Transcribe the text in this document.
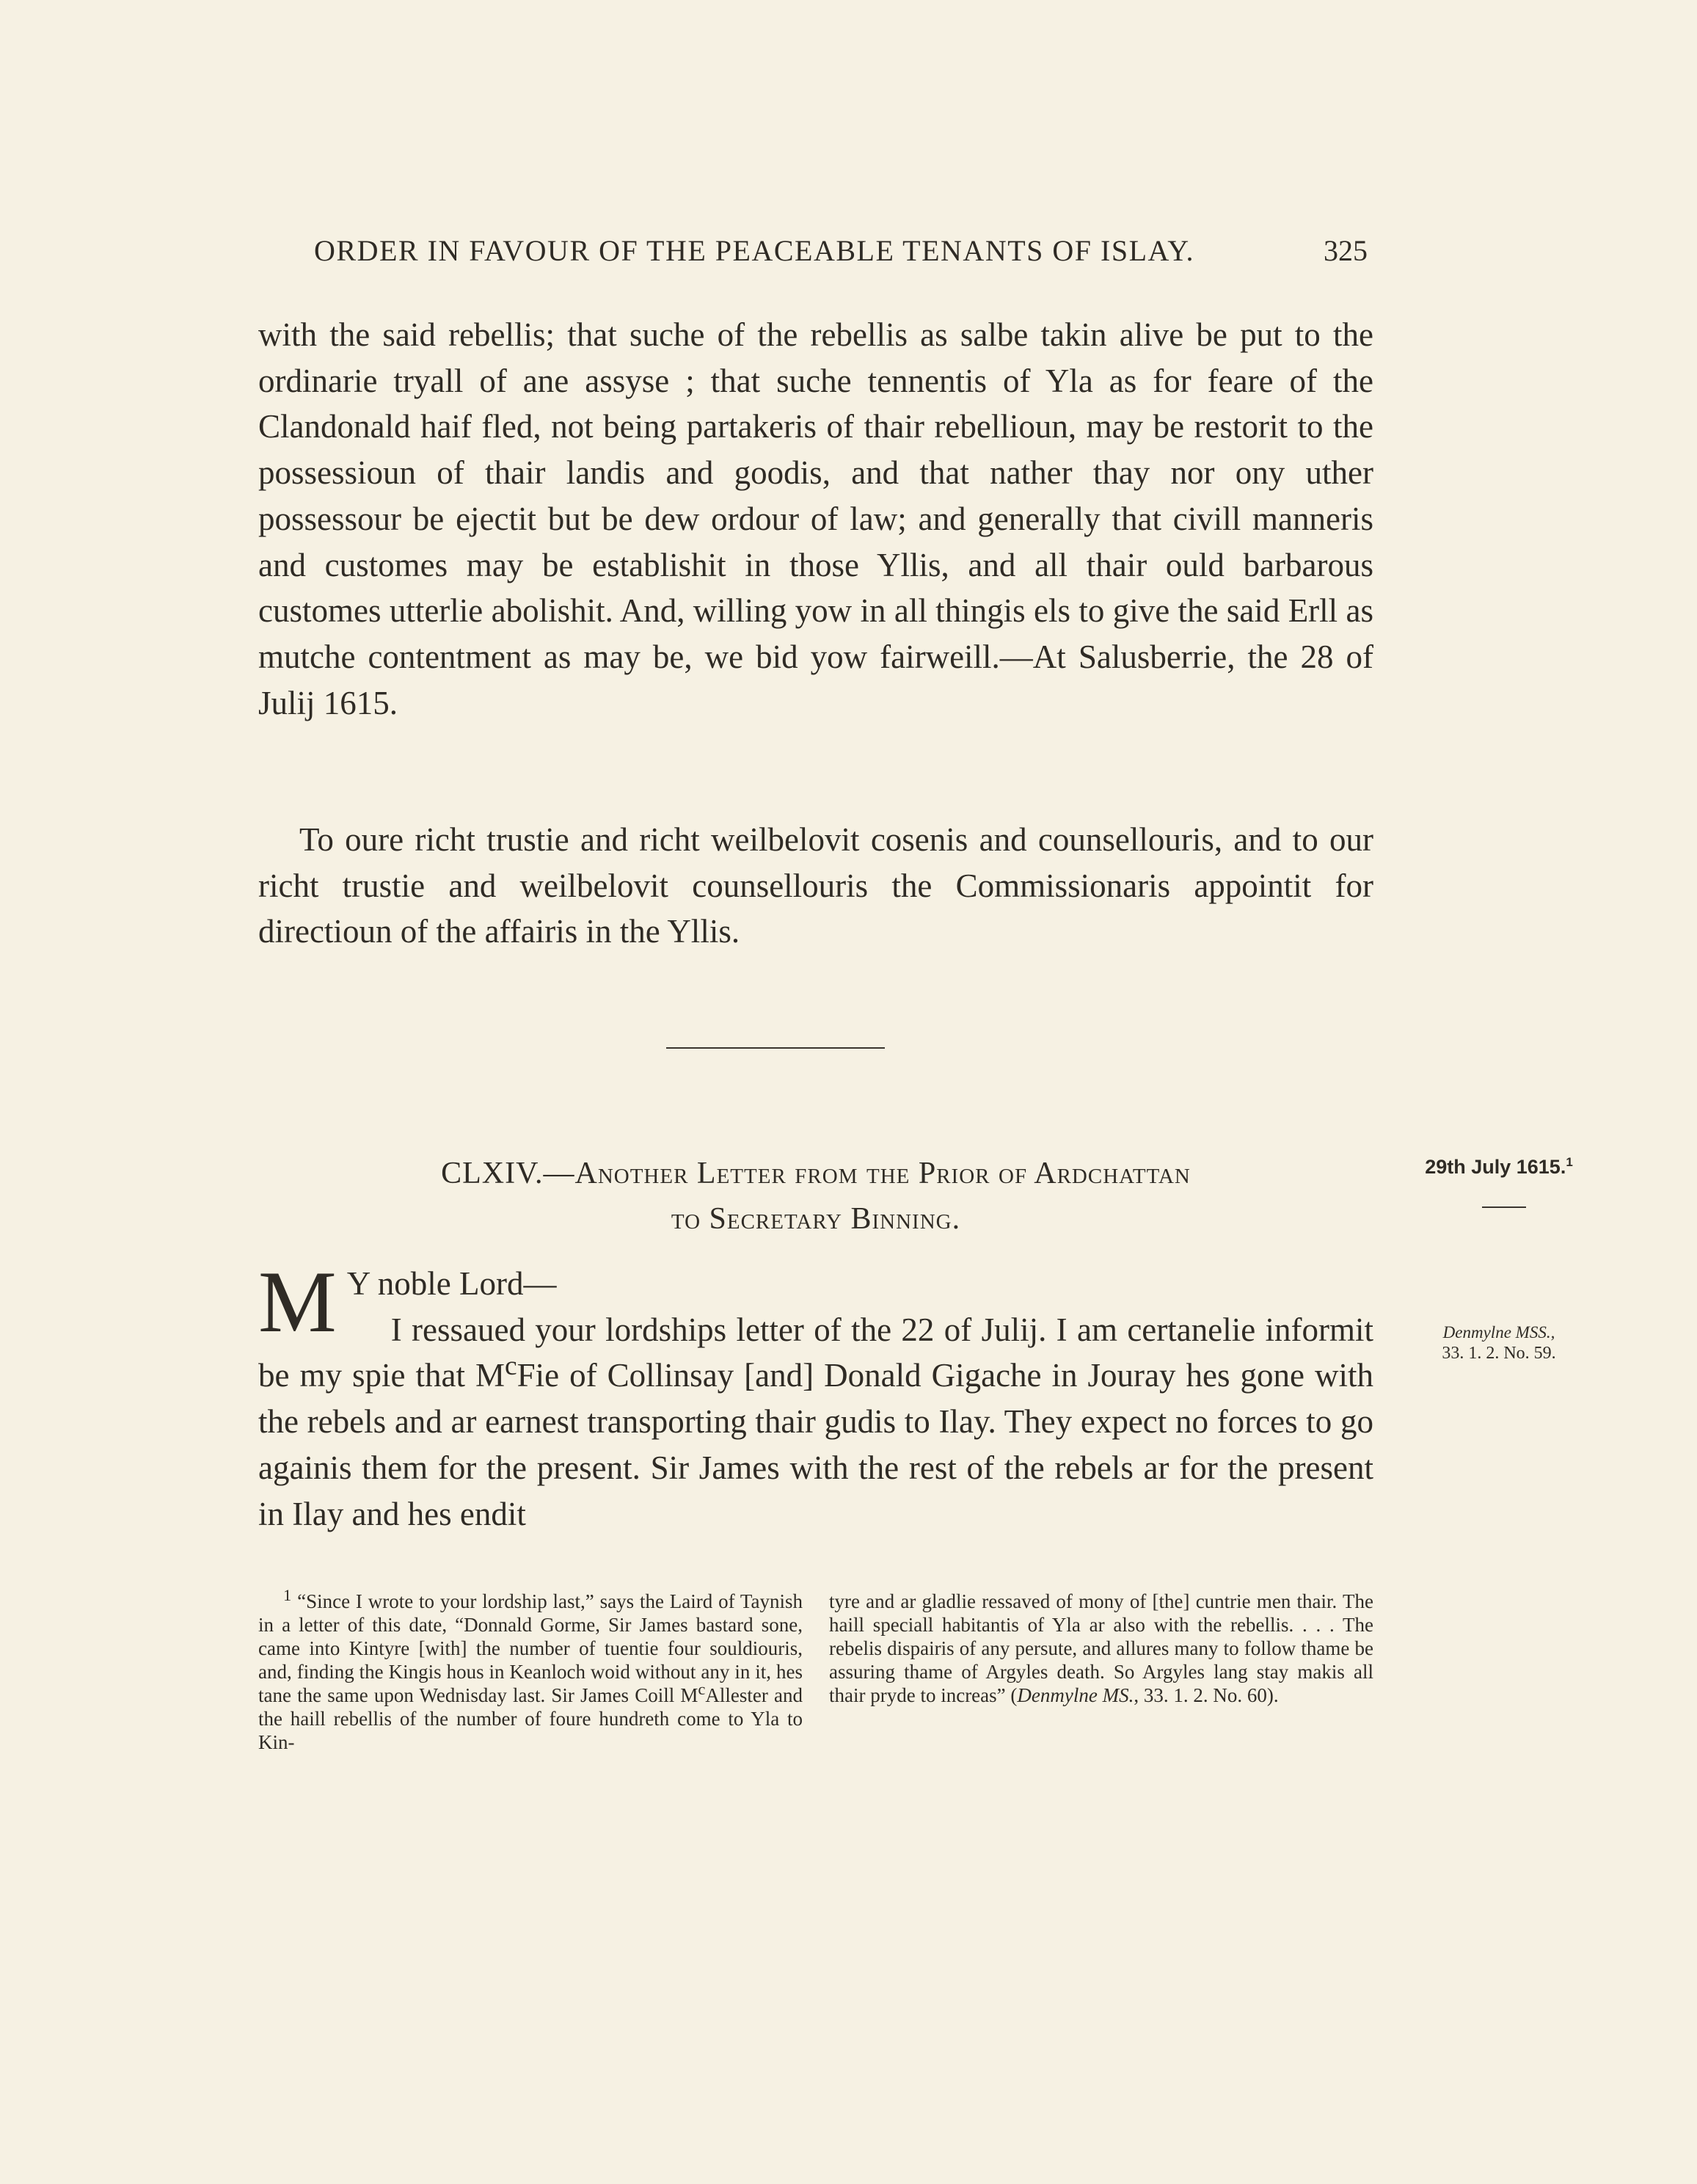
ORDER IN FAVOUR OF THE PEACEABLE TENANTS OF ISLAY.	325

with the said rebellis; that suche of the rebellis as salbe takin alive be put to the ordinarie tryall of ane assyse ; that suche tennentis of Yla as for feare of the Clandonald haif fled, not being partakeris of thair rebellioun, may be restorit to the possessioun of thair landis and goodis, and that nather thay nor ony uther possessour be ejectit but be dew ordour of law; and generally that civill manneris and customes may be establishit in those Yllis, and all thair ould barbarous customes utterlie abolishit. And, willing yow in all thingis els to give the said Erll as mutche contentment as may be, we bid yow fairweill.—At Salusberrie, the 28 of Julij 1615.

To oure richt trustie and richt weilbelovit cosenis and counsellouris, and to our richt trustie and weilbelovit counsellouris the Commissionaris appointit for directioun of the affairis in the Yllis.

CLXIV.—Another Letter from the Prior of Ardchattan
to Secretary Binning.
29th July 1615.$^1$
Denmylne MSS.,
33. 1. 2. No. 59.
M Y noble Lord—

I ressaued your lordships letter of the 22 of Julij. I am certanelie informit be my spie that $M^cFie$ of Collinsay [and] Donald Gigache in Jouray hes gone with the rebels and ar earnest transporting thair gudis to Ilay. They expect no forces to go againis them for the present. Sir James with the rest of the rebels ar for the present in Ilay and hes endit

$^1$ “Since I wrote to your lordship last,” says the Laird of Taynish in a letter of this date, “Donnald Gorme, Sir James bastard sone, came into Kintyre [with] the number of tuentie four souldiouris, and, finding the Kingis hous in Keanloch woid without any in it, hes tane the same upon Wednisday last. Sir James Coill $M^cAllester$ and the haill rebellis of the number of foure hundreth come to Yla to Kin-

tyre and ar gladlie ressaved of mony of [the] cuntrie men thair. The haill speciall habitantis of Yla ar also with the rebellis. . . . The rebelis dispairis of any persute, and allures many to follow thame be assuring thame of Argyles death. So Argyles lang stay makis all thair pryde to increas” (Denmylne MS., 33. 1. 2. No. 60).
